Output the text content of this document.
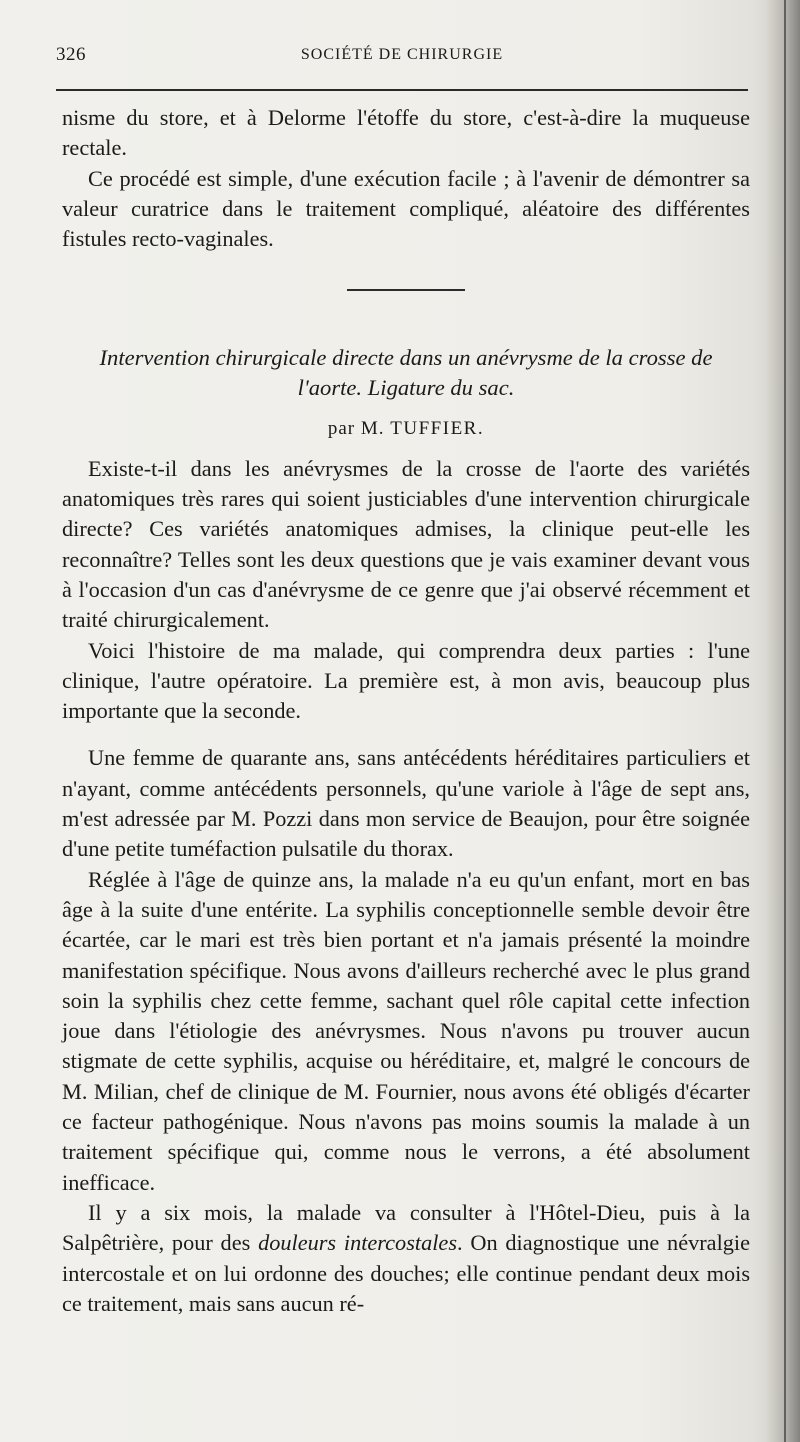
326	SOCIÉTÉ DE CHIRURGIE

nisme du store, et à Delorme l'étoffe du store, c'est-à-dire la muqueuse rectale.

Ce procédé est simple, d'une exécution facile ; à l'avenir de démontrer sa valeur curatrice dans le traitement compliqué, aléatoire des différentes fistules recto-vaginales.

Intervention chirurgicale directe dans un anévrysme de la crosse de l'aorte. Ligature du sac.
par M. TUFFIER.

Existe-t-il dans les anévrysmes de la crosse de l'aorte des variétés anatomiques très rares qui soient justiciables d'une intervention chirurgicale directe? Ces variétés anatomiques admises, la clinique peut-elle les reconnaître? Telles sont les deux questions que je vais examiner devant vous à l'occasion d'un cas d'anévrysme de ce genre que j'ai observé récemment et traité chirurgicalement.

Voici l'histoire de ma malade, qui comprendra deux parties : l'une clinique, l'autre opératoire. La première est, à mon avis, beaucoup plus importante que la seconde.

Une femme de quarante ans, sans antécédents héréditaires particuliers et n'ayant, comme antécédents personnels, qu'une variole à l'âge de sept ans, m'est adressée par M. Pozzi dans mon service de Beaujon, pour être soignée d'une petite tuméfaction pulsatile du thorax.

Réglée à l'âge de quinze ans, la malade n'a eu qu'un enfant, mort en bas âge à la suite d'une entérite. La syphilis conceptionnelle semble devoir être écartée, car le mari est très bien portant et n'a jamais présenté la moindre manifestation spécifique. Nous avons d'ailleurs recherché avec le plus grand soin la syphilis chez cette femme, sachant quel rôle capital cette infection joue dans l'étiologie des anévrysmes. Nous n'avons pu trouver aucun stigmate de cette syphilis, acquise ou héréditaire, et, malgré le concours de M. Milian, chef de clinique de M. Fournier, nous avons été obligés d'écarter ce facteur pathogénique. Nous n'avons pas moins soumis la malade à un traitement spécifique qui, comme nous le verrons, a été absolument inefficace.

Il y a six mois, la malade va consulter à l'Hôtel-Dieu, puis à la Salpêtrière, pour des douleurs intercostales. On diagnostique une névralgie intercostale et on lui ordonne des douches; elle continue pendant deux mois ce traitement, mais sans aucun ré-
